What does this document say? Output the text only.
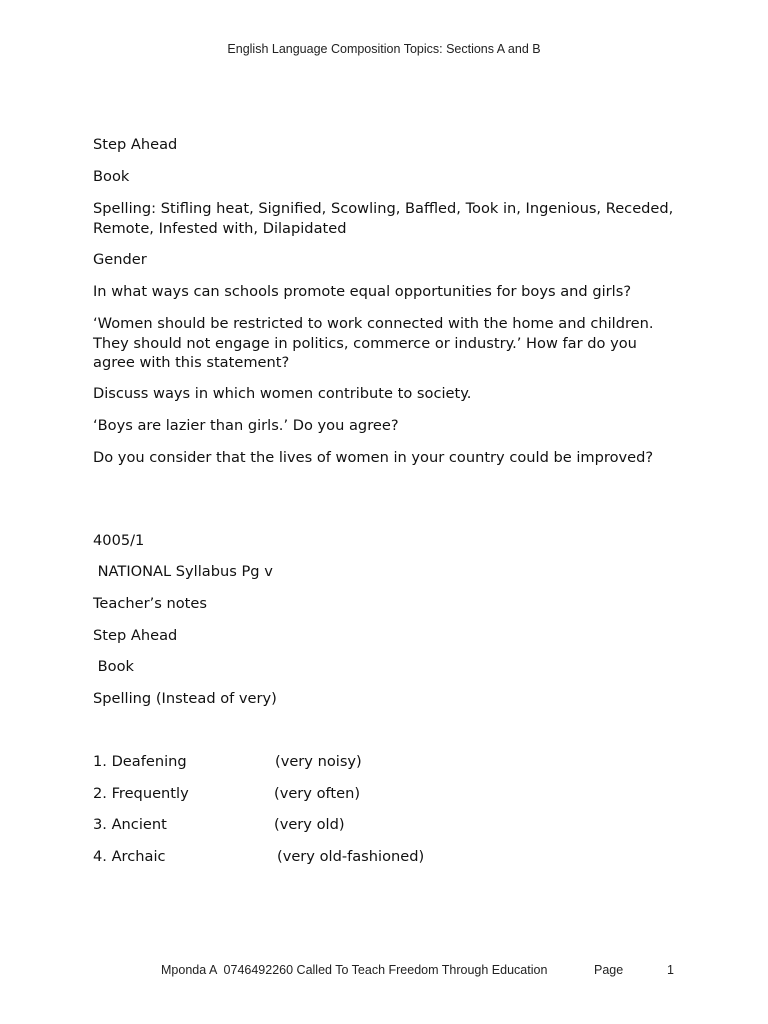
English Language Composition Topics: Sections A and B

Step Ahead

Book

Spelling: Stifling heat, Signified, Scowling, Baffled, Took in, Ingenious, Receded, Remote, Infested with, Dilapidated

Gender

In what ways can schools promote equal opportunities for boys and girls?

‘Women should be restricted to work connected with the home and children. They should not engage in politics, commerce or industry.’ How far do you agree with this statement?

Discuss ways in which women contribute to society.

‘Boys are lazier than girls.’ Do you agree?

Do you consider that the lives of women in your country could be improved?

4005/1

NATIONAL Syllabus Pg v

Teacher’s notes

Step Ahead

Book

Spelling (Instead of very)

1. Deafening	(very noisy)
2. Frequently	(very often)
3. Ancient	(very old)
4. Archaic	(very old-fashioned)
Mponda A  0746492260 Called To Teach Freedom Through Education	Page	1
